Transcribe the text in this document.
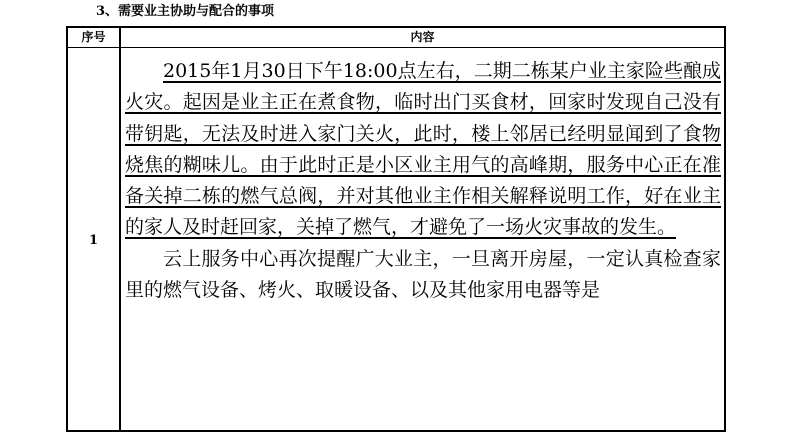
3、需要业主协助与配合的事项
序号	内容
1

2015年1月30日下午18:00点左右，二期二栋某户业主家险些酿成火灾。起因是业主正在煮食物，临时出门买食材，回家时发现自己没有带钥匙，无法及时进入家门关火，此时，楼上邻居已经明显闻到了食物烧焦的糊味儿。由于此时正是小区业主用气的高峰期，服务中心正在准备关掉二栋的燃气总阀，并对其他业主作相关解释说明工作，好在业主的家人及时赶回家，关掉了燃气，才避免了一场火灾事故的发生。

云上服务中心再次提醒广大业主，一旦离开房屋，一定认真检查家里的燃气设备、烤火、取暖设备、以及其他家用电器等是
